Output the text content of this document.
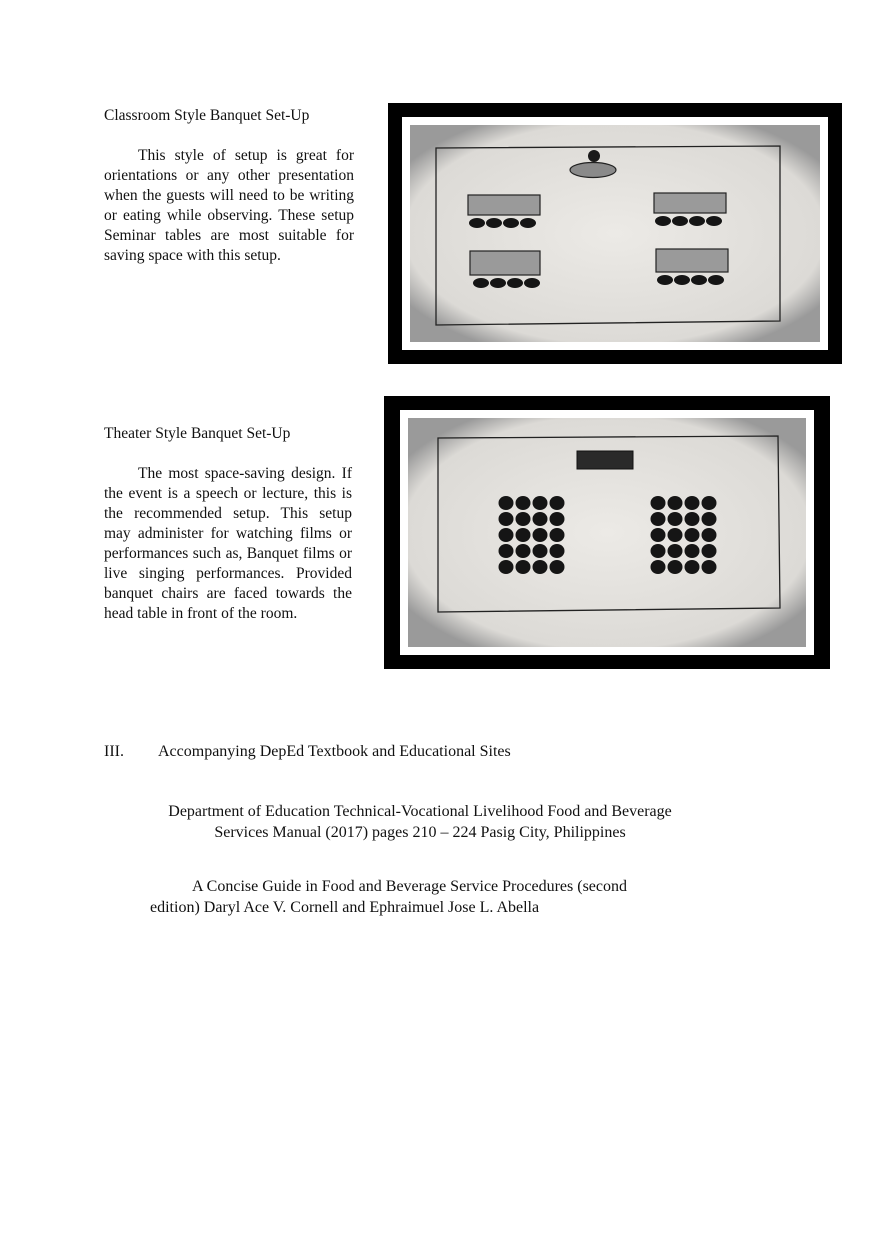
Classroom Style Banquet Set-Up

This style of setup is great for orientations or any other presentation when the guests will need to be writing or eating while observing. These setup Seminar tables are most suitable for saving space with this setup.

Theater Style Banquet Set-Up

The most space-saving design. If the event is a speech or lecture, this is the recommended setup. This setup may administer for watching films or performances such as, Banquet films or live singing performances. Provided banquet chairs are faced towards the head table in front of the room.

III. Accompanying DepEd Textbook and Educational Sites

Department of Education Technical-Vocational Livelihood Food and Beverage Services Manual (2017) pages 210 – 224 Pasig City, Philippines

A Concise Guide in Food and Beverage Service Procedures (second edition) Daryl Ace V. Cornell and Ephraimuel Jose L. Abella
